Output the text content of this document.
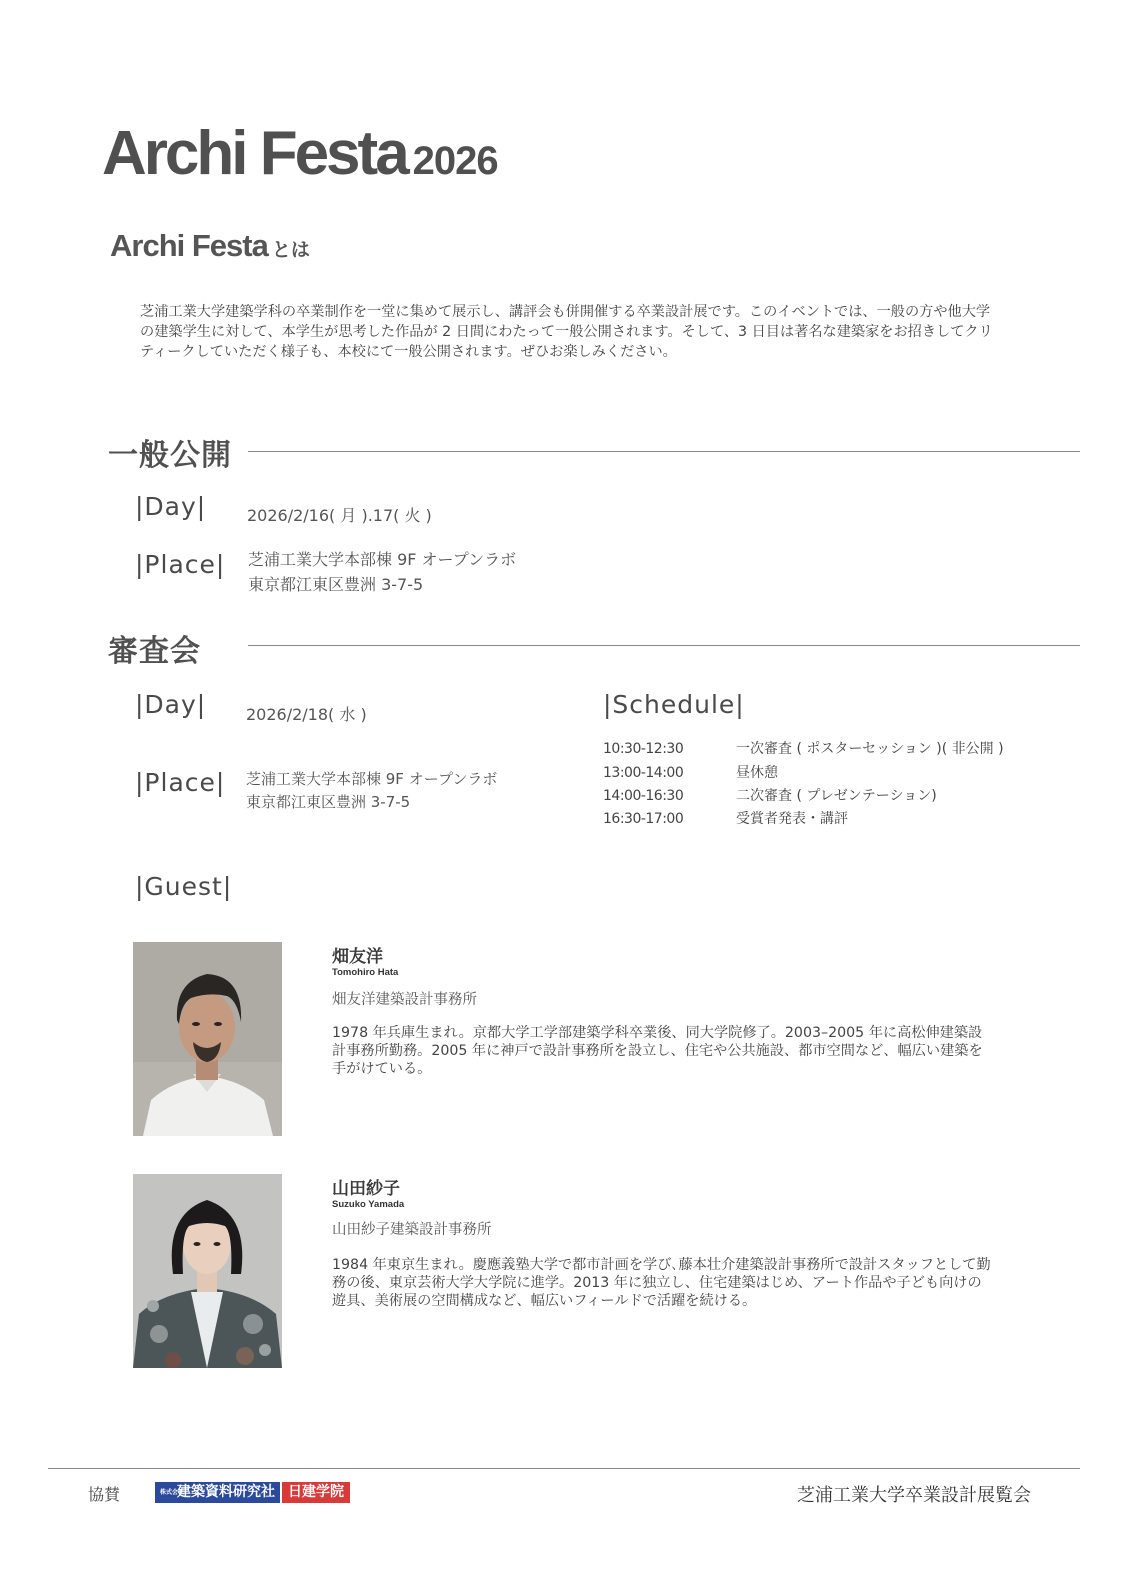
Archi Festa 2026
Archi Festa とは
芝浦工業大学建築学科の卒業制作を一堂に集めて展示し、講評会も併開催する卒業設計展です。このイベントでは、一般の方や他大学の建築学生に対して、本学生が思考した作品が 2 日間にわたって一般公開されます。そして、3 日目は著名な建築家をお招きしてクリティークしていただく様子も、本校にて一般公開されます。ぜひお楽しみください。
一般公開
|Day|	2026/2/16( 月 ).17( 火 )
|Place| 芝浦工業大学本部棟 9F オープンラボ
東京都江東区豊洲 3-7-5
審査会
|Day| 2026/2/18( 水 )
|Place| 芝浦工業大学本部棟 9F オープンラボ
東京都江東区豊洲 3-7-5
|Schedule|
10:30-12:30	一次審査 ( ポスターセッション )( 非公開 )
13:00-14:00	昼休憩
14:00-16:30	二次審査 ( プレゼンテーション)
16:30-17:00	受賞者発表・講評
|Guest|
畑友洋
Tomohiro Hata
畑友洋建築設計事務所
1978 年兵庫生まれ。京都大学工学部建築学科卒業後、同大学院修了。2003–2005 年に高松伸建築設計事務所勤務。2005 年に神戸で設計事務所を設立し、住宅や公共施設、都市空間など、幅広い建築を手がけている。
山田紗子
Suzuko Yamada
山田紗子建築設計事務所
1984 年東京生まれ。慶應義塾大学で都市計画を学び､藤本壮介建築設計事務所で設計スタッフとして勤務の後、東京芸術大学大学院に進学。2013 年に独立し、住宅建築はじめ、アート作品や子ども向けの遊具、美術展の空間構成など、幅広いフィールドで活躍を続ける。
協賛	株式会社
建築資料研究社 日建学院	芝浦工業大学卒業設計展覧会
